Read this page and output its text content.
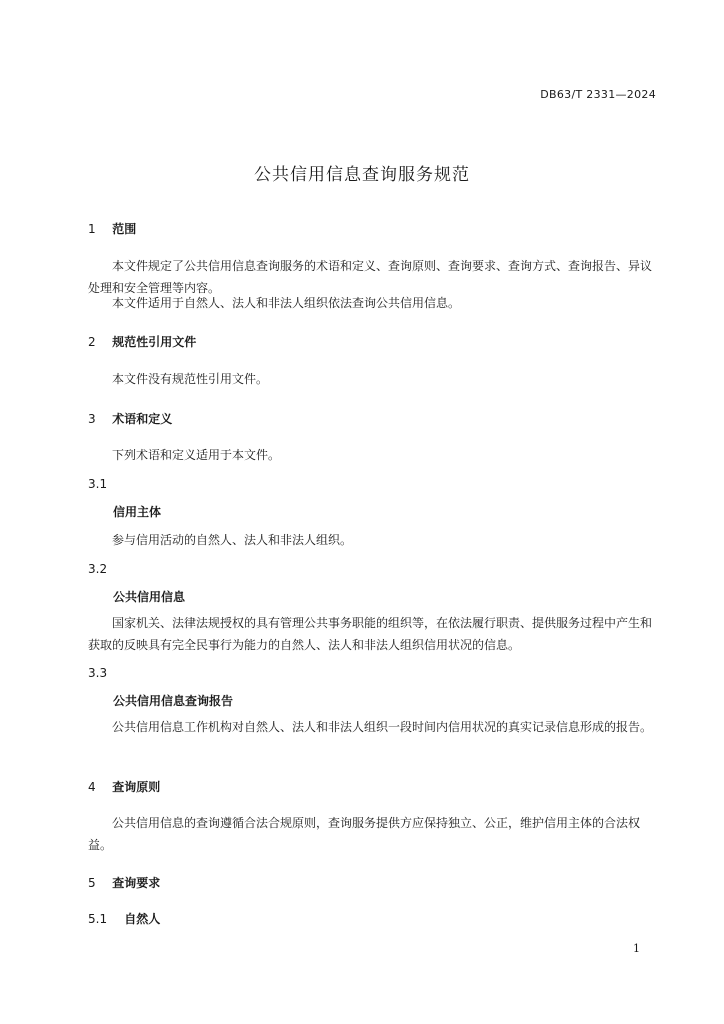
DB63/T 2331—2024
公共信用信息查询服务规范
1 范围

本文件规定了公共信用信息查询服务的术语和定义、查询原则、查询要求、查询方式、查询报告、异议处理和安全管理等内容。

本文件适用于自然人、法人和非法人组织依法查询公共信用信息。

2 规范性引用文件

本文件没有规范性引用文件。

3 术语和定义

下列术语和定义适用于本文件。

3.1
信用主体

参与信用活动的自然人、法人和非法人组织。

3.2
公共信用信息

国家机关、法律法规授权的具有管理公共事务职能的组织等，在依法履行职责、提供服务过程中产生和获取的反映具有完全民事行为能力的自然人、法人和非法人组织信用状况的信息。

3.3
公共信用信息查询报告

公共信用信息工作机构对自然人、法人和非法人组织一段时间内信用状况的真实记录信息形成的报告。

4 查询原则

公共信用信息的查询遵循合法合规原则，查询服务提供方应保持独立、公正，维护信用主体的合法权益。

5 查询要求
5.1 自然人
1
